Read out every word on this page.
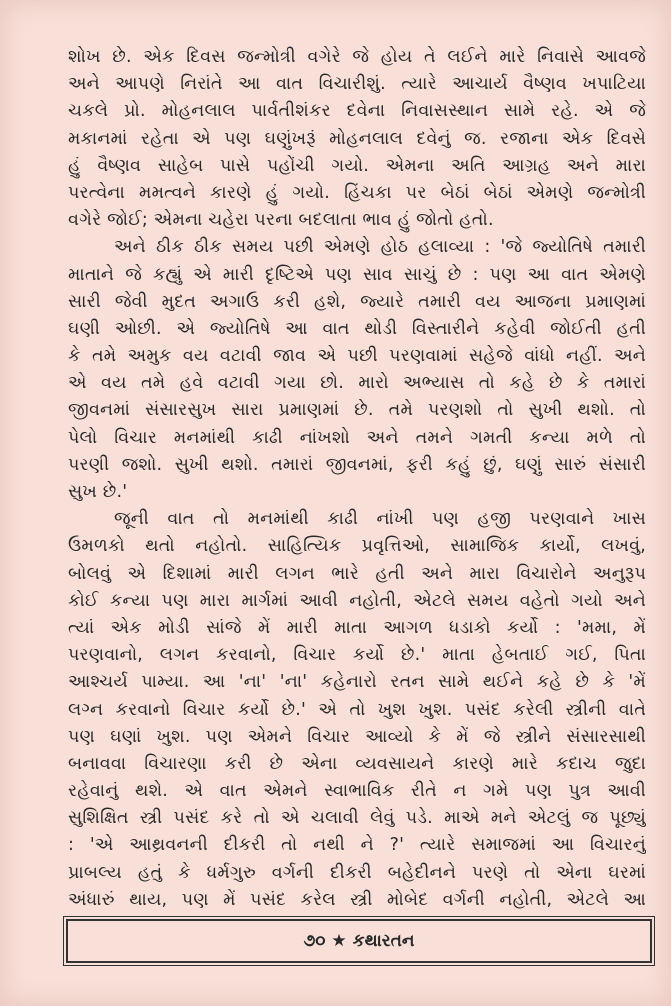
શોખ છે. એક દિવસ જન્મોત્રી વગેરે જે હોય તે લઈને મારે નિવાસે આવજે
અને આપણે નિરાંતે આ વાત વિચારીશું. ત્યારે આચાર્ય વૈષ્ણવ ખપાટિયા
ચકલે પ્રો. મોહનલાલ પાર્વતીશંકર દવેના નિવાસસ્થાન સામે રહે. એ જે
મકાનમાં રહેતા એ પણ ઘણુંખરૂં મોહનલાલ દવેનું જ. રજાના એક દિવસે
હું વૈષ્ણવ સાહેબ પાસે પહોંચી ગયો. એમના અતિ આગ્રહ અને મારા
પરત્વેના મમત્વને કારણે હું ગયો. હિંચકા પર બેઠાં બેઠાં એમણે જન્મોત્રી
વગેરે જોઈ; એમના ચહેરા પરના બદલાતા ભાવ હું જોતો હતો.
અને ઠીક ઠીક સમય પછી એમણે હોઠ હલાવ્યા : 'જે જ્યોતિષે તમારી
માતાને જે કહ્યું એ મારી દૃષ્ટિએ પણ સાવ સાચું છે : પણ આ વાત એમણે
સારી જેવી મુદત અગાઉ કરી હશે, જ્યારે તમારી વય આજના પ્રમાણમાં
ઘણી ઓછી. એ જ્યોતિષે આ વાત થોડી વિસ્તારીને કહેવી જોઈતી હતી
કે તમે અમુક વય વટાવી જાવ એ પછી પરણવામાં સહેજે વાંધો નહીં. અને
એ વય તમે હવે વટાવી ગયા છો. મારો અભ્યાસ તો કહે છે કે તમારાં
જીવનમાં સંસારસુખ સારા પ્રમાણમાં છે. તમે પરણશો તો સુખી થશો. તો
પેલો વિચાર મનમાંથી કાઢી નાંખશો અને તમને ગમતી કન્યા મળે તો
પરણી જશો. સુખી થશો. તમારાં જીવનમાં, ફરી કહું છું, ઘણું સારું સંસારી
સુખ છે.'
જૂની વાત તો મનમાંથી કાઢી નાંખી પણ હજી પરણવાને ખાસ
ઉમળકો થતો નહોતો. સાહિત્યિક પ્રવૃત્તિઓ, સામાજિક કાર્યો, લખવું,
બોલવું એ દિશામાં મારી લગન ભારે હતી અને મારા વિચારોને અનુરૂપ
કોઈ કન્યા પણ મારા માર્ગમાં આવી નહોતી, એટલે સમય વહેતો ગયો અને
ત્યાં એક મોડી સાંજે મેં મારી માતા આગળ ધડાકો કર્યો : 'મમા, મેં
પરણવાનો, લગન કરવાનો, વિચાર કર્યો છે.' માતા હેબતાઈ ગઈ, પિતા
આશ્ચર્ય પામ્યા. આ 'ના' 'ના' કહેનારો રતન સામે થઈને કહે છે કે 'મેં
લગ્ન કરવાનો વિચાર કર્યો છે.' એ તો ખુશ ખુશ. પસંદ કરેલી સ્ત્રીની વાતે
પણ ઘણાં ખુશ. પણ એમને વિચાર આવ્યો કે મેં જે સ્ત્રીને સંસારસાથી
બનાવવા વિચારણા કરી છે એના વ્યવસાયને કારણે મારે કદાચ જુદા
રહેવાનું થશે. એ વાત એમને સ્વાભાવિક રીતે ન ગમે પણ પુત્ર આવી
સુશિક્ષિત સ્ત્રી પસંદ કરે તો એ ચલાવી લેવું પડે. માએ મને એટલું જ પૂછ્યું
: 'એ આથ્રવનની દીકરી તો નથી ને ?' ત્યારે સમાજમાં આ વિચારનું
પ્રાબલ્ય હતું કે ધર્મગુરુ વર્ગની દીકરી બહેદીનને પરણે તો એના ઘરમાં
અંધારું થાય, પણ મેં પસંદ કરેલ સ્ત્રી મોબેદ વર્ગની નહોતી, એટલે આ
૭૦ ★ કથારતન
